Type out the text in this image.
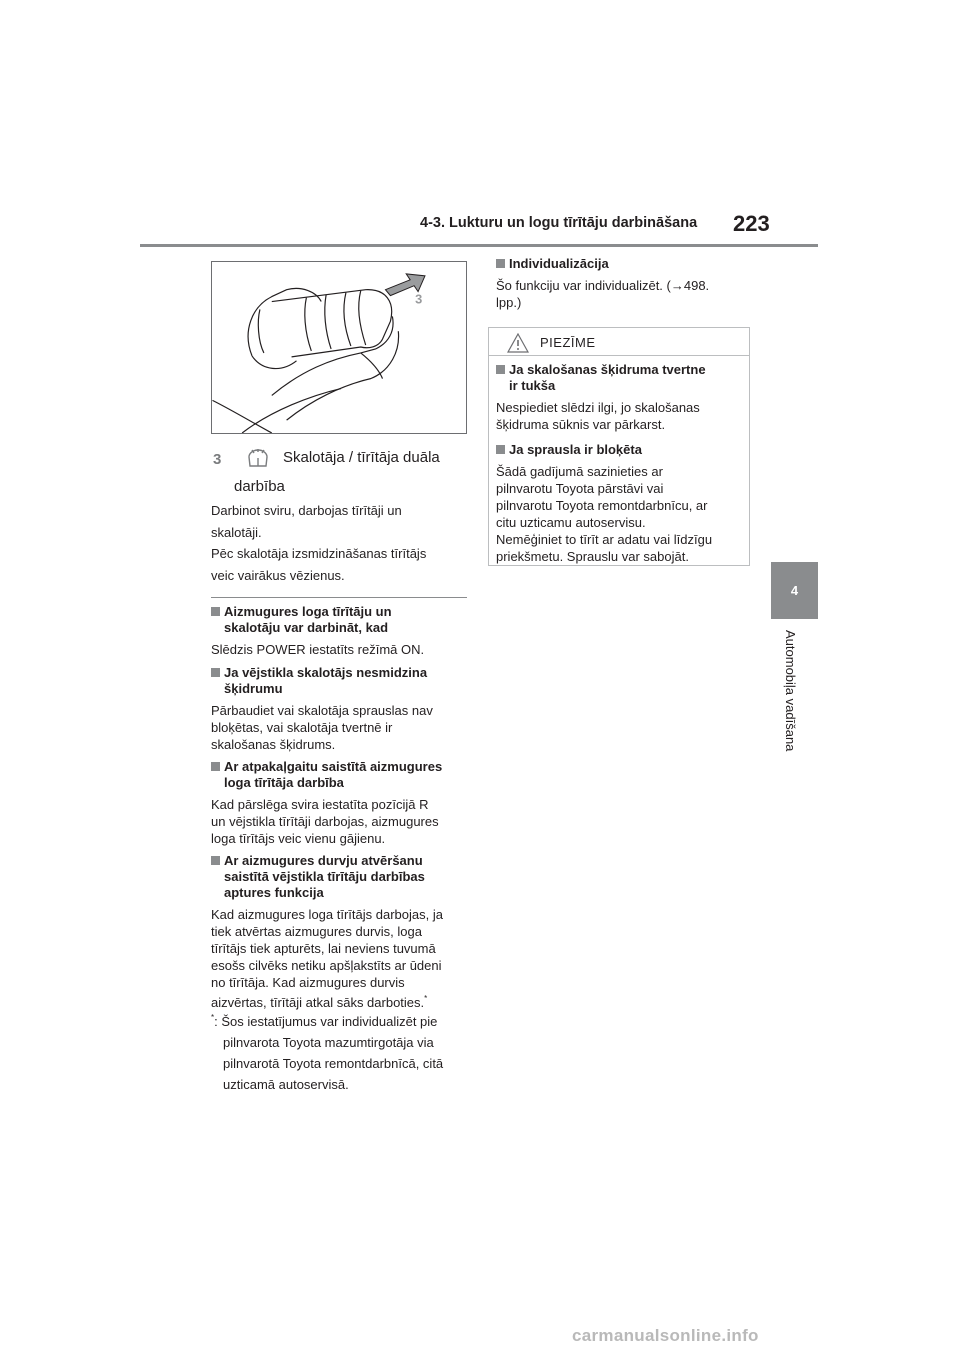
4-3. Lukturu un logu tīrītāju darbināšana 223
4
Automobiļa vadīšana
3
3	Skalotāja / tīrītāja duāla
darbība
Darbinot sviru, darbojas tīrītāji un
skalotāji.
Pēc skalotāja izsmidzināšanas tīrītājs
veic vairākus vēzienus.
Aizmugures loga tīrītāju un
skalotāju var darbināt, kad
Slēdzis POWER iestatīts režīmā ON.
Ja vējstikla skalotājs nesmidzina
šķidrumu
Pārbaudiet vai skalotāja sprauslas nav
bloķētas, vai skalotāja tvertnē ir
skalošanas šķidrums.
Ar atpakaļgaitu saistītā aizmugures
loga tīrītāja darbība
Kad pārslēga svira iestatīta pozīcijā R
un vējstikla tīrītāji darbojas, aizmugures
loga tīrītājs veic vienu gājienu.
Ar aizmugures durvju atvēršanu
saistītā vējstikla tīrītāju darbības
aptures funkcija
Kad aizmugures loga tīrītājs darbojas, ja
tiek atvērtas aizmugures durvis, loga
tīrītājs tiek apturēts, lai neviens tuvumā
esošs cilvēks netiku apšļakstīts ar ūdeni
no tīrītāja. Kad aizmugures durvis
aizvērtas, tīrītāji atkal sāks darboties.*
*: Šos iestatījumus var individualizēt pie
pilnvarota Toyota mazumtirgotāja via
pilnvarotā Toyota remontdarbnīcā, citā
uzticamā autoservisā.
Individualizācija
Šo funkciju var individualizēt. (→498.
lpp.)
PIEZĪME
Ja skalošanas šķidruma tvertne
ir tukša
Nespiediet slēdzi ilgi, jo skalošanas
šķidruma sūknis var pārkarst.
Ja sprausla ir bloķēta
Šādā gadījumā sazinieties ar
pilnvarotu Toyota pārstāvi vai
pilnvarotu Toyota remontdarbnīcu, ar
citu uzticamu autoservisu.
Nemēģiniet to tīrīt ar adatu vai līdzīgu
priekšmetu. Sprauslu var sabojāt.
carmanualsonline.info
